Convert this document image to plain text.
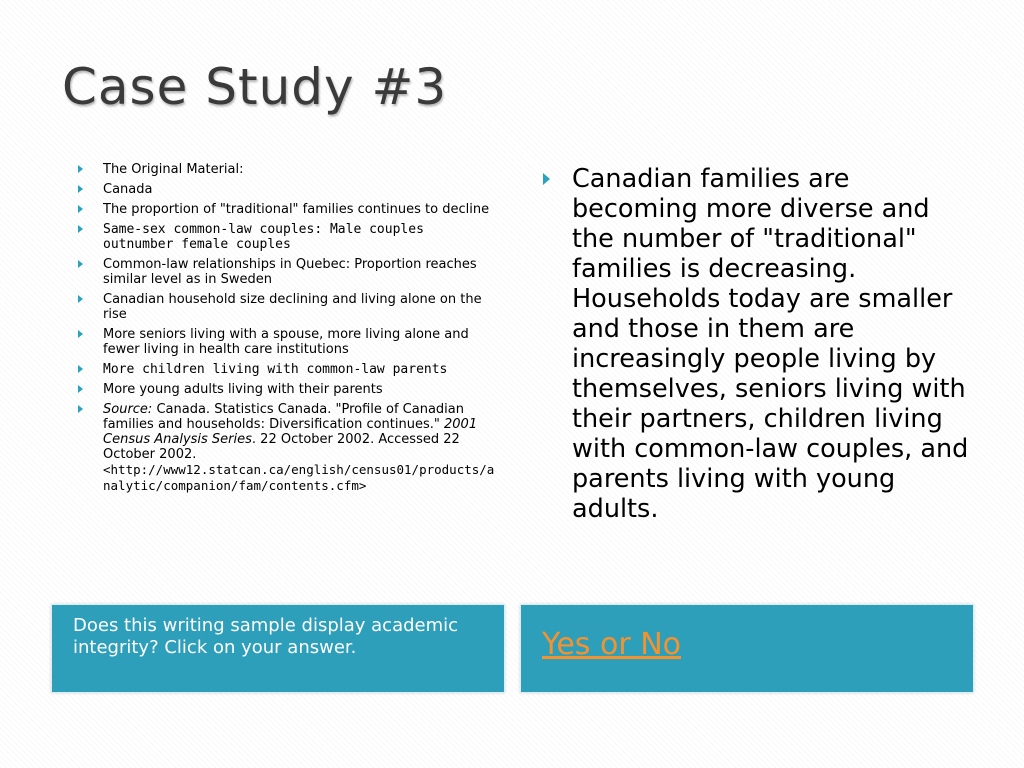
Case Study #3
The Original Material:
Canada
The proportion of "traditional" families continues to decline
Same-sex common-law couples: Male couples outnumber female couples
Common-law relationships in Quebec: Proportion reaches similar level as in Sweden
Canadian household size declining and living alone on the rise
More seniors living with a spouse, more living alone and fewer living in health care institutions
More children living with common-law parents
More young adults living with their parents
Source: Canada. Statistics Canada. "Profile of Canadian families and households: Diversification continues." 2001 Census Analysis Series. 22 October 2002. Accessed 22 October 2002.
<http://www12.statcan.ca/english/census01/products/analytic/companion/fam/contents.cfm>
Canadian families are becoming more diverse and the number of "traditional" families is decreasing. Households today are smaller and those in them are increasingly people living by themselves, seniors living with their partners, children living with common-law couples, and parents living with young adults.
Does this writing sample display academic integrity? Click on your answer.	Yes or No
